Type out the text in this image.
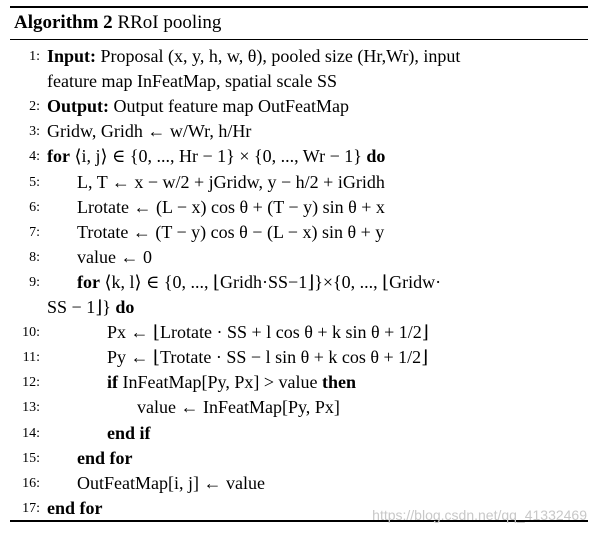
Algorithm 2 RRoI pooling
1: Input: Proposal (x, y, h, w, θ), pooled size (Hr,Wr), input
feature map InFeatMap, spatial scale SS
2: Output: Output feature map OutFeatMap
3: Gridw, Gridh ← w/Wr, h/Hr
4: for ⟨i, j⟩ ∈ {0, ..., Hr − 1} × {0, ..., Wr − 1} do
5: L, T ← x − w/2 + jGridw, y − h/2 + iGridh
6: Lrotate ← (L − x) cos θ + (T − y) sin θ + x
7: Trotate ← (T − y) cos θ − (L − x) sin θ + y
8: value ← 0
9: for ⟨k, l⟩ ∈ {0, ..., ⌊Gridh·SS−1⌋}×{0, ..., ⌊Gridw·
SS − 1⌋} do
10:	Px ← ⌊Lrotate · SS + l cos θ + k sin θ + 1/2⌋
11:	Py ← ⌊Trotate · SS − l sin θ + k cos θ + 1/2⌋
12:	if InFeatMap[Py, Px] > value then
13:	value ← InFeatMap[Py, Px]
14:	end if
15: end for
16: OutFeatMap[i, j] ← value
17: end for	https://blog.csdn.net/qq_41332469
